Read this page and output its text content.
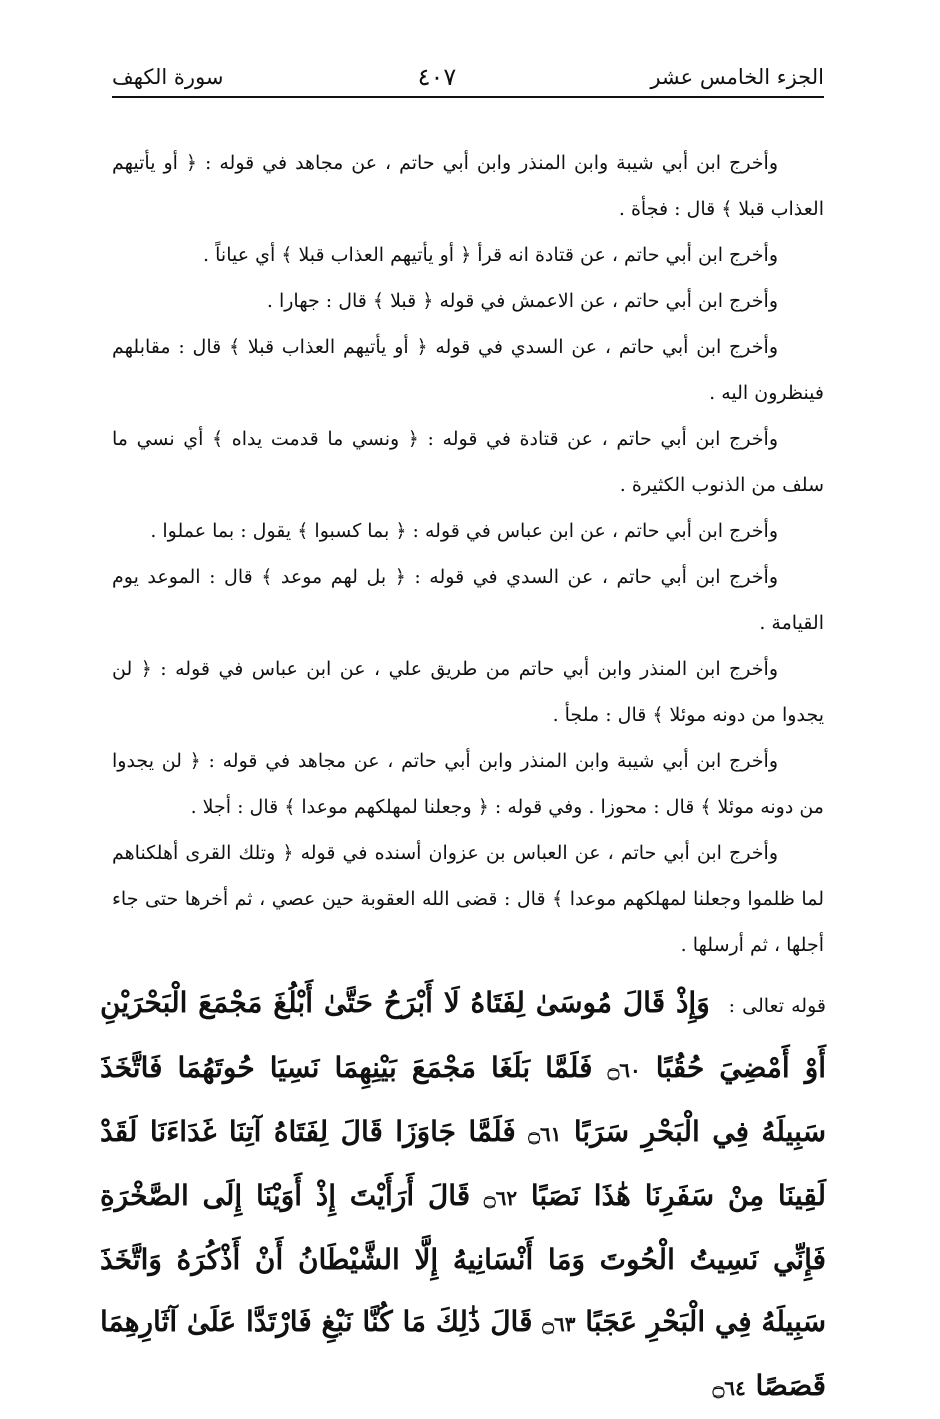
سورة الكهف	٤٠٧	الجزء الخامس عشر

وأخرج ابن أبي شيبة وابن المنذر وابن أبي حاتم ، عن مجاهد في قوله : ﴿ أو يأتيهم العذاب قبلا ﴾ قال : فجأة .

وأخرج ابن أبي حاتم ، عن قتادة انه قرأ ﴿ أو يأتيهم العذاب قبلا ﴾ أي عياناً .

وأخرج ابن أبي حاتم ، عن الاعمش في قوله ﴿ قبلا ﴾ قال : جهارا .

وأخرج ابن أبي حاتم ، عن السدي في قوله ﴿ أو يأتيهم العذاب قبلا ﴾ قال : مقابلهم فينظرون اليه .

وأخرج ابن أبي حاتم ، عن قتادة في قوله : ﴿ ونسي ما قدمت يداه ﴾ أي نسي ما سلف من الذنوب الكثيرة .

وأخرج ابن أبي حاتم ، عن ابن عباس في قوله : ﴿ بما كسبوا ﴾ يقول : بما عملوا .

وأخرج ابن أبي حاتم ، عن السدي في قوله : ﴿ بل لهم موعد ﴾ قال : الموعد يوم القيامة .

وأخرج ابن المنذر وابن أبي حاتم من طريق علي ، عن ابن عباس في قوله : ﴿ لن يجدوا من دونه موئلا ﴾ قال : ملجأ .

وأخرج ابن أبي شيبة وابن المنذر وابن أبي حاتم ، عن مجاهد في قوله : ﴿ لن يجدوا من دونه موئلا ﴾ قال : محوزا . وفي قوله : ﴿ وجعلنا لمهلكهم موعدا ﴾ قال : أجلا .

وأخرج ابن أبي حاتم ، عن العباس بن عزوان أسنده في قوله ﴿ وتلك القرى أهلكناهم لما ظلموا وجعلنا لمهلكهم موعدا ﴾ قال : قضى الله العقوبة حين عصي ، ثم أخرها حتى جاء أجلها ، ثم أرسلها .

قوله تعالى : وَإِذْ قَالَ مُوسَىٰ لِفَتَاهُ لَا أَبْرَحُ حَتَّىٰ أَبْلُغَ مَجْمَعَ الْبَحْرَيْنِ أَوْ أَمْضِيَ حُقُبًا ۝٦٠ فَلَمَّا بَلَغَا مَجْمَعَ بَيْنِهِمَا نَسِيَا حُوتَهُمَا فَاتَّخَذَ سَبِيلَهُ فِي الْبَحْرِ سَرَبًا ۝٦١ فَلَمَّا جَاوَزَا قَالَ لِفَتَاهُ آتِنَا غَدَاءَنَا لَقَدْ لَقِينَا مِنْ سَفَرِنَا هَٰذَا نَصَبًا ۝٦٢ قَالَ أَرَأَيْتَ إِذْ أَوَيْنَا إِلَى الصَّخْرَةِ فَإِنِّي نَسِيتُ الْحُوتَ وَمَا أَنْسَانِيهُ إِلَّا الشَّيْطَانُ أَنْ أَذْكُرَهُ وَاتَّخَذَ سَبِيلَهُ فِي الْبَحْرِ عَجَبًا ۝٦٣ قَالَ ذَٰلِكَ مَا كُنَّا نَبْغِ فَارْتَدَّا عَلَىٰ آثَارِهِمَا قَصَصًا ۝٦٤
